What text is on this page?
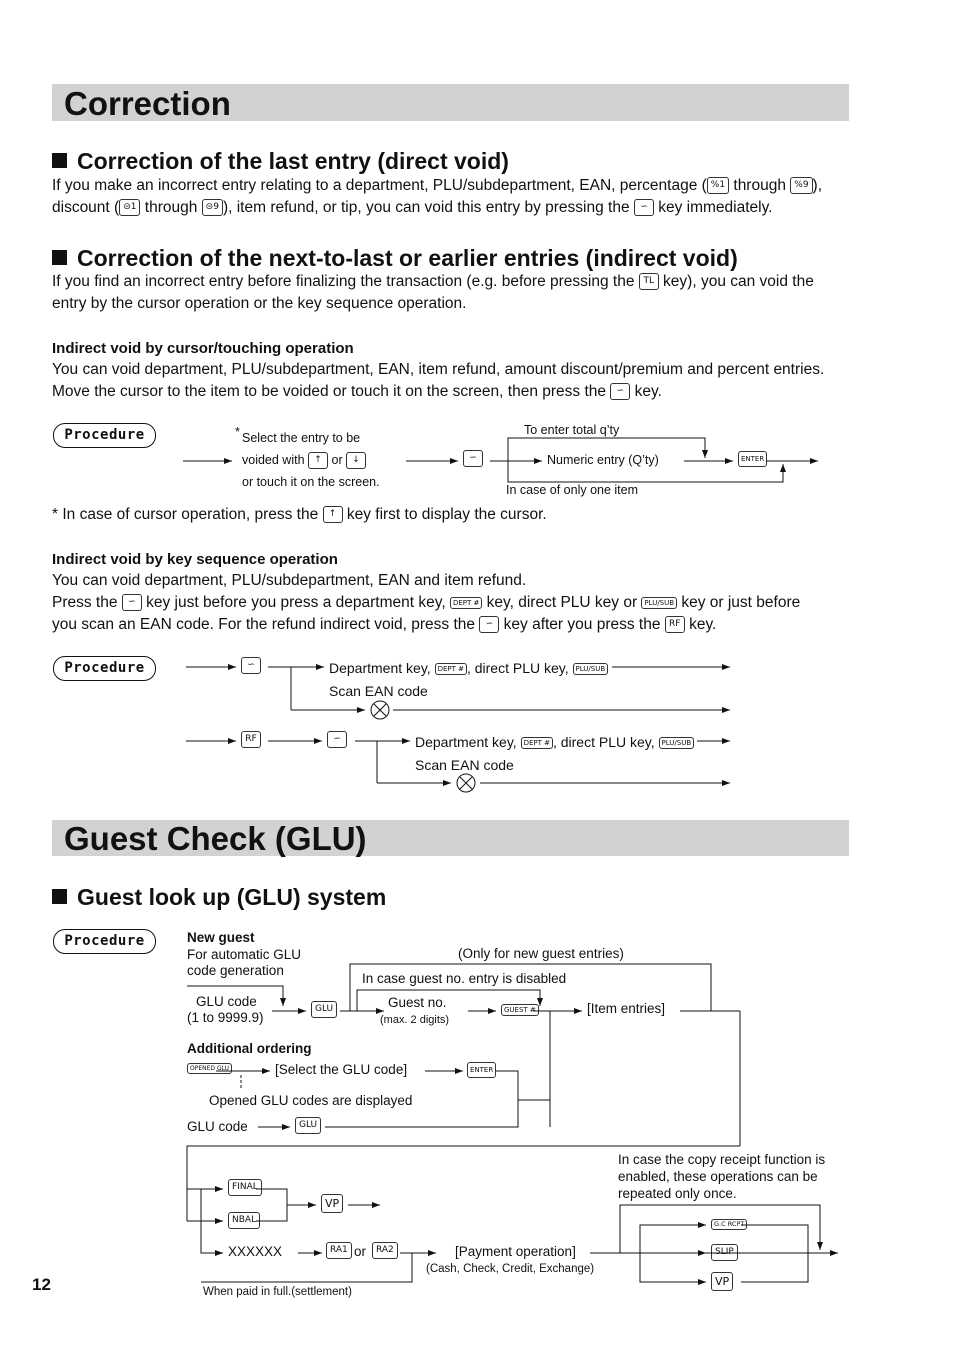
Correction
Correction of the last entry (direct void)
If you make an incorrect entry relating to a department, PLU/subdepartment, EAN, percentage ( %1 through %9 ),
discount ( ⊝1 through ⊝9 ), item refund, or tip, you can void this entry by pressing the ∽ key immediately.
Correction of the next-to-last or earlier entries (indirect void)
If you find an incorrect entry before finalizing the transaction (e.g. before pressing the TL key), you can void the entry by the cursor operation or the key sequence operation.
Indirect void by cursor/touching operation
You can void department, PLU/subdepartment, EAN, item refund, amount discount/premium and percent entries.
Move the cursor to the item to be voided or touch it on the screen, then press the ∽ key.
Procedure	* Select the entry to be
voided with ↑ or ↓
or touch it on the screen.
∽
To enter total q’ty
Numeric entry (Q’ty)	ENTER
In case of only one item
* In case of cursor operation, press the ↑ key first to display the cursor.
Indirect void by key sequence operation
You can void department, PLU/subdepartment, EAN and item refund.
Press the ∽ key just before you press a department key, DEPT # key, direct PLU key or PLU/SUB key or just before
you scan an EAN code. For the refund indirect void, press the ∽ key after you press the RF key.
Procedure	∽	Department key, DEPT # , direct PLU key, PLU/SUB
Scan EAN code
RF	∽	Department key, DEPT # , direct PLU key, PLU/SUB
Scan EAN code
Guest Check (GLU)
Guest look up (GLU) system
Procedure	New guest
For automatic GLU
code generation
(Only for new guest entries)
In case guest no. entry is disabled
GLU code
(1 to 9999.9)
GLU	Guest no.
(max. 2 digits)
GUEST #	[Item entries]
Additional ordering
OPENED GLU	[Select the GLU code]	ENTER
Opened GLU codes are displayed
GLU code	GLU
In case the copy receipt function is
enabled, these operations can be
repeated only once.
FINAL
NBAL
VP
XXXXXX	RA1 or	RA2	[Payment operation]
(Cash, Check, Credit, Exchange)
When paid in full.(settlement)
G.C RCPT
SLIP
VP
12
